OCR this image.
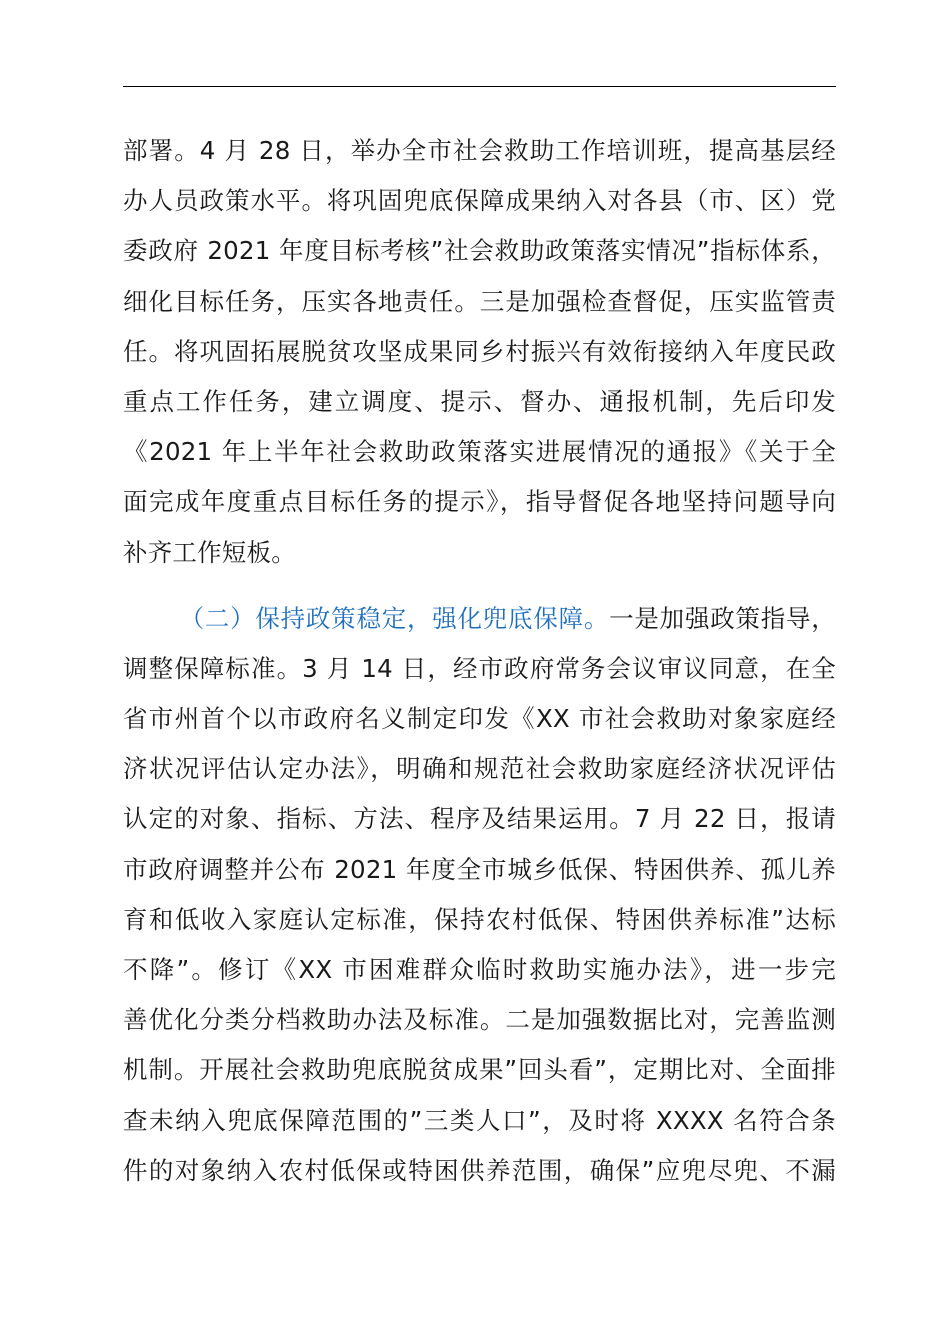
部署。4 月 28 日，举办全市社会救助工作培训班，提高基层经
办人员政策水平。将巩固兜底保障成果纳入对各县（市、区）党
委政府 2021 年度目标考核”社会救助政策落实情况”指标体系，
细化目标任务，压实各地责任。三是加强检查督促，压实监管责
任。将巩固拓展脱贫攻坚成果同乡村振兴有效衔接纳入年度民政
重点工作任务，建立调度、提示、督办、通报机制，先后印发
《2021 年上半年社会救助政策落实进展情况的通报》《关于全
面完成年度重点目标任务的提示》，指导督促各地坚持问题导向
补齐工作短板。
（二）保持政策稳定，强化兜底保障。一是加强政策指导，
调整保障标准。3 月 14 日，经市政府常务会议审议同意，在全
省市州首个以市政府名义制定印发《XX 市社会救助对象家庭经
济状况评估认定办法》，明确和规范社会救助家庭经济状况评估
认定的对象、指标、方法、程序及结果运用。7 月 22 日，报请
市政府调整并公布 2021 年度全市城乡低保、特困供养、孤儿养
育和低收入家庭认定标准，保持农村低保、特困供养标准”达标
不降”。修订《XX 市困难群众临时救助实施办法》，进一步完
善优化分类分档救助办法及标准。二是加强数据比对，完善监测
机制。开展社会救助兜底脱贫成果”回头看”，定期比对、全面排
查未纳入兜底保障范围的”三类人口”，及时将 XXXX 名符合条
件的对象纳入农村低保或特困供养范围，确保”应兜尽兜、不漏
